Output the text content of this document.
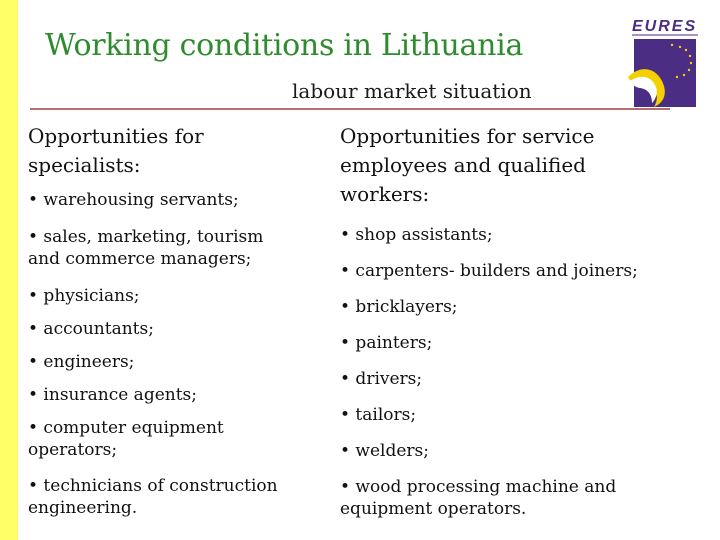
Working conditions in Lithuania
EURES
labour market situation
Opportunities for
specialists:
• warehousing servants;
• sales, marketing, tourism
and commerce managers;
• physicians;
• accountants;
• engineers;
• insurance agents;
• computer equipment
operators;
• technicians of construction
engineering.
Opportunities for service
employees and qualified
workers:
• shop assistants;
• carpenters- builders and joiners;
• bricklayers;
• painters;
• drivers;
• tailors;
• welders;
• wood processing machine and
equipment operators.
